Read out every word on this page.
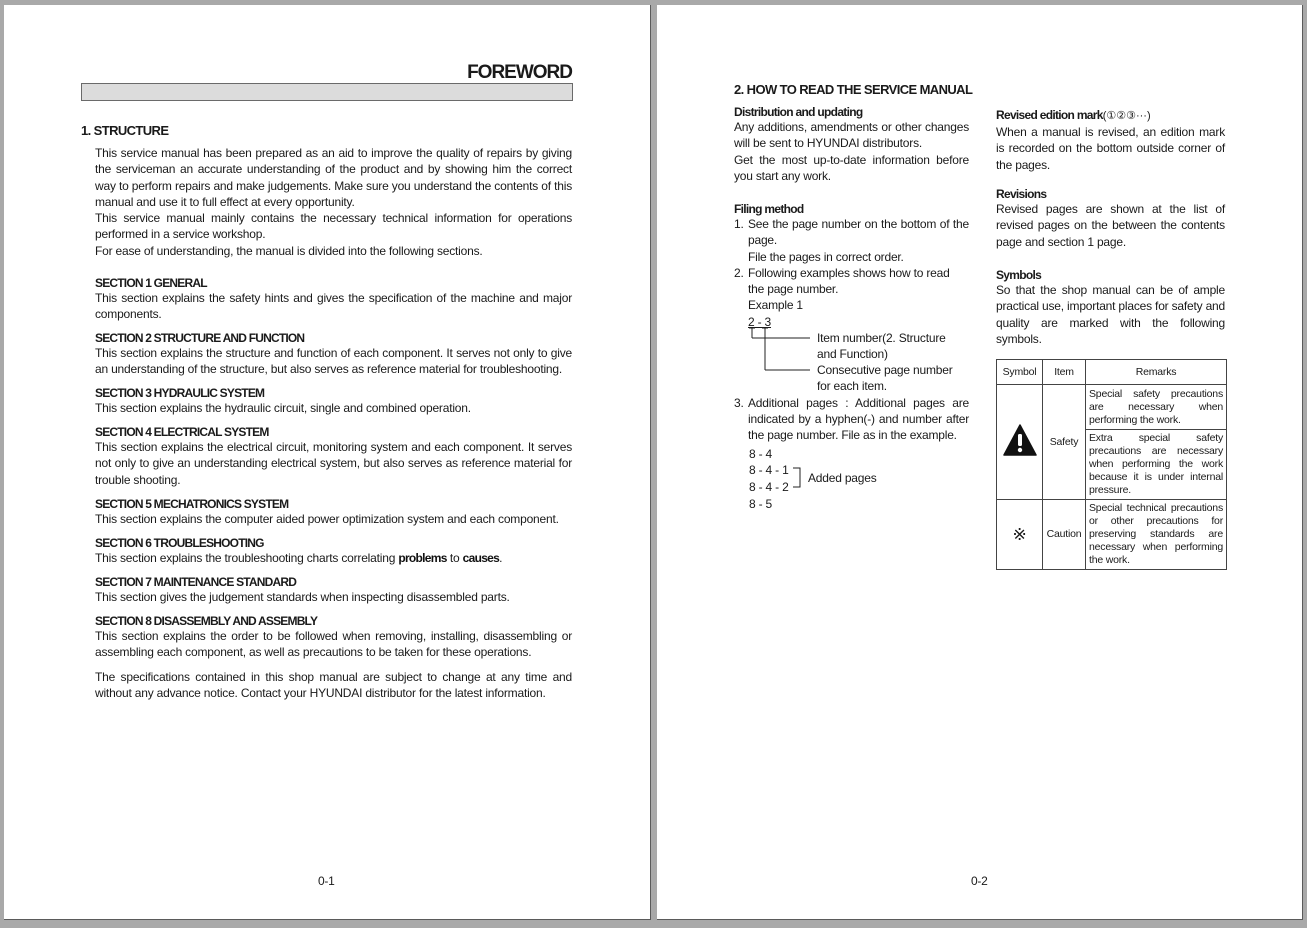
FOREWORD
1. STRUCTURE
This service manual has been prepared as an aid to improve the quality of repairs by giving the serviceman an accurate understanding of the product and by showing him the correct way to perform repairs and make judgements. Make sure you understand the contents of this manual and use it to full effect at every opportunity.
This service manual mainly contains the necessary technical information for operations performed in a service workshop.
For ease of understanding, the manual is divided into the following sections.
SECTION 1 GENERAL
This section explains the safety hints and gives the specification of the machine and major components.
SECTION 2 STRUCTURE AND FUNCTION
This section explains the structure and function of each component. It serves not only to give an understanding of the structure, but also serves as reference material for troubleshooting.
SECTION 3 HYDRAULIC SYSTEM
This section explains the hydraulic circuit, single and combined operation.
SECTION 4 ELECTRICAL SYSTEM
This section explains the electrical circuit, monitoring system and each component. It serves not only to give an understanding electrical system, but also serves as reference material for trouble shooting.
SECTION 5 MECHATRONICS SYSTEM
This section explains the computer aided power optimization system and each component.
SECTION 6 TROUBLESHOOTING
This section explains the troubleshooting charts correlating problems to causes.
SECTION 7 MAINTENANCE STANDARD
This section gives the judgement standards when inspecting disassembled parts.
SECTION 8 DISASSEMBLY AND ASSEMBLY
This section explains the order to be followed when removing, installing, disassembling or assembling each component, as well as precautions to be taken for these operations.
The specifications contained in this shop manual are subject to change at any time and without any advance notice. Contact your HYUNDAI distributor for the latest information.
0-1
2. HOW TO READ THE SERVICE MANUAL
Distribution and updating
Any additions, amendments or other changes will be sent to HYUNDAI distributors.
Get the most up-to-date information before you start any work.
Filing method
1. See the page number on the bottom of the page.
File the pages in correct order.
2. Following examples shows how to read the page number.
Example 1
2 - 3
Item number(2. Structure and Function)
Consecutive page number for each item.
3. Additional pages : Additional pages are indicated by a hyphen(-) and number after the page number. File as in the example.
8 - 4
8 - 4 - 1
8 - 4 - 2
8 - 5
Added pages
Revised edition mark(①②③···)
When a manual is revised, an edition mark is recorded on the bottom outside corner of the pages.
Revisions
Revised pages are shown at the list of revised pages on the between the contents page and section 1 page.
Symbols
So that the shop manual can be of ample practical use, important places for safety and quality are marked with the following symbols.
Symbol	Item	Remarks
	Safety	Special safety precautions are necessary when performing the work.
		Extra special safety precautions are necessary when performing the work because it is under internal pressure.
※	Caution	Special technical precautions or other precautions for preserving standards are necessary when performing the work.
0-2
